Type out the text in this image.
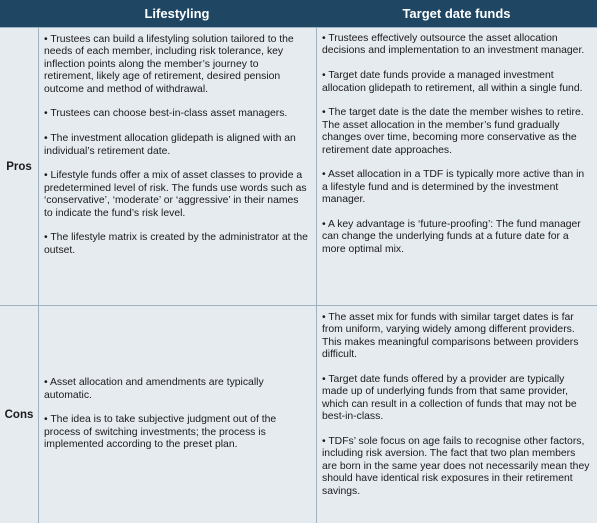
Lifestyling	Target date funds
Pros

• Trustees can build a lifestyling solution tailored to the needs of each member, including risk tolerance, key inflection points along the member’s journey to retirement, likely age of retirement, desired pension outcome and method of withdrawal.

• Trustees can choose best-in-class asset managers.

• The investment allocation glidepath is aligned with an individual’s retirement date.

• Lifestyle funds offer a mix of asset classes to provide a predetermined level of risk. The funds use words such as ‘conservative’, ‘moderate’ or ‘aggressive’ in their names to indicate the fund’s risk level.

• The lifestyle matrix is created by the administrator at the outset.

• Trustees effectively outsource the asset allocation decisions and implementation to an investment manager.

• Target date funds provide a managed investment allocation glidepath to retirement, all within a single fund.

• The target date is the date the member wishes to retire. The asset allocation in the member’s fund gradually changes over time, becoming more conservative as the retirement date approaches.

• Asset allocation in a TDF is typically more active than in a lifestyle fund and is determined by the investment manager.

• A key advantage is ‘future-proofing’: The fund manager can change the underlying funds at a future date for a more optimal mix.

Cons

• Asset allocation and amendments are typically automatic.

• The idea is to take subjective judgment out of the process of switching investments; the process is implemented according to the preset plan.

• The asset mix for funds with similar target dates is far from uniform, varying widely among different providers. This makes meaningful comparisons between providers difficult.

• Target date funds offered by a provider are typically made up of underlying funds from that same provider, which can result in a collection of funds that may not be best-in-class.

• TDFs’ sole focus on age fails to recognise other factors, including risk aversion. The fact that two plan members are born in the same year does not necessarily mean they should have identical risk exposures in their retirement savings.
